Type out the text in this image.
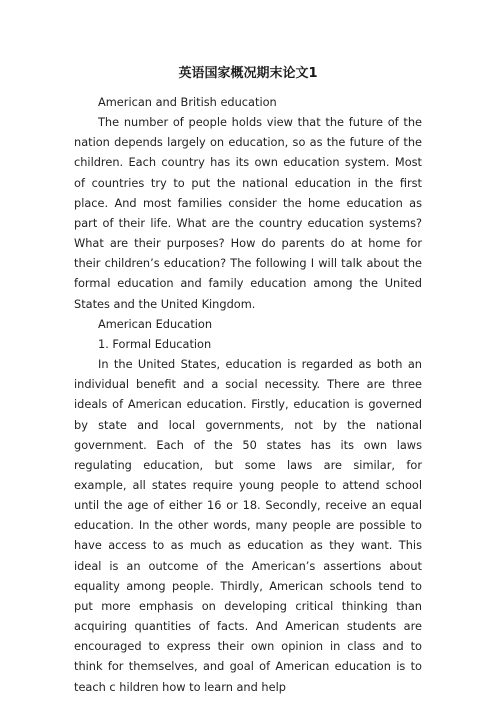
英语国家概况期末论文1

American and British education

The number of people holds view that the future of the nation depends largely on education, so as the future of the children. Each country has its own education system. Most of countries try to put the national education in the first place. And most families consider the home education as part of their life. What are the country education systems? What are their purposes? How do parents do at home for their children’s education? The following I will talk about the formal education and family education among the United States and the United Kingdom.

American Education

1. Formal Education

In the United States, education is regarded as both an individual benefit and a social necessity. There are three ideals of American education. Firstly, education is governed by state and local governments, not by the national government. Each of the 50 states has its own laws regulating education, but some laws are similar, for example, all states require young people to attend school until the age of either 16 or 18. Secondly, receive an equal education. In the other words, many people are possible to have access to as much as education as they want. This ideal is an outcome of the American’s assertions about equality among people. Thirdly, American schools tend to put more emphasis on developing critical thinking than acquiring quantities of facts. And American students are encouraged to express their own opinion in class and to think for themselves, and goal of American education is to teach c hildren how to learn and help
